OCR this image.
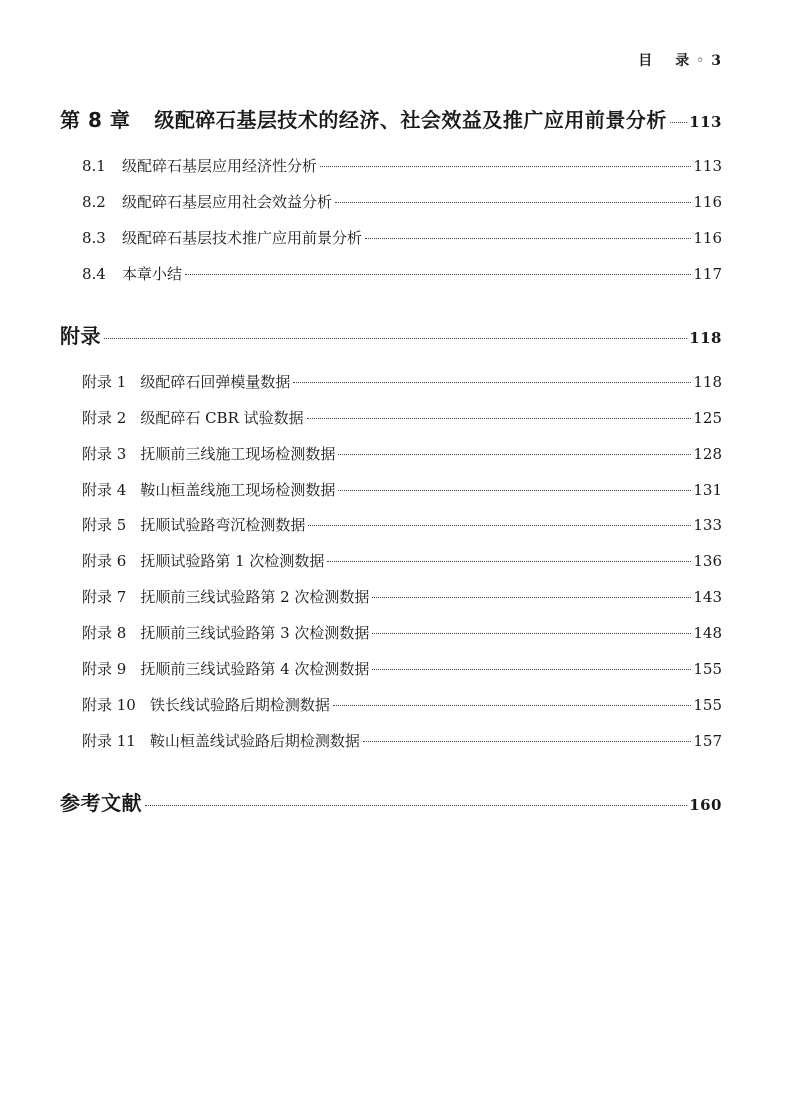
目 录 ◦ 3
第 8 章 级配碎石基层技术的经济、社会效益及推广应用前景分析 113
8.1	级配碎石基层应用经济性分析	113
8.2	级配碎石基层应用社会效益分析	116
8.3	级配碎石基层技术推广应用前景分析	116
8.4	本章小结	117
附录	118
附录 1 级配碎石回弹模量数据	118
附录 2 级配碎石 CBR 试验数据	125
附录 3 抚顺前三线施工现场检测数据	128
附录 4 鞍山桓盖线施工现场检测数据	131
附录 5 抚顺试验路弯沉检测数据	133
附录 6 抚顺试验路第 1 次检测数据	136
附录 7 抚顺前三线试验路第 2 次检测数据	143
附录 8 抚顺前三线试验路第 3 次检测数据	148
附录 9 抚顺前三线试验路第 4 次检测数据	155
附录 10 铁长线试验路后期检测数据	155
附录 11 鞍山桓盖线试验路后期检测数据	157
参考文献	160
